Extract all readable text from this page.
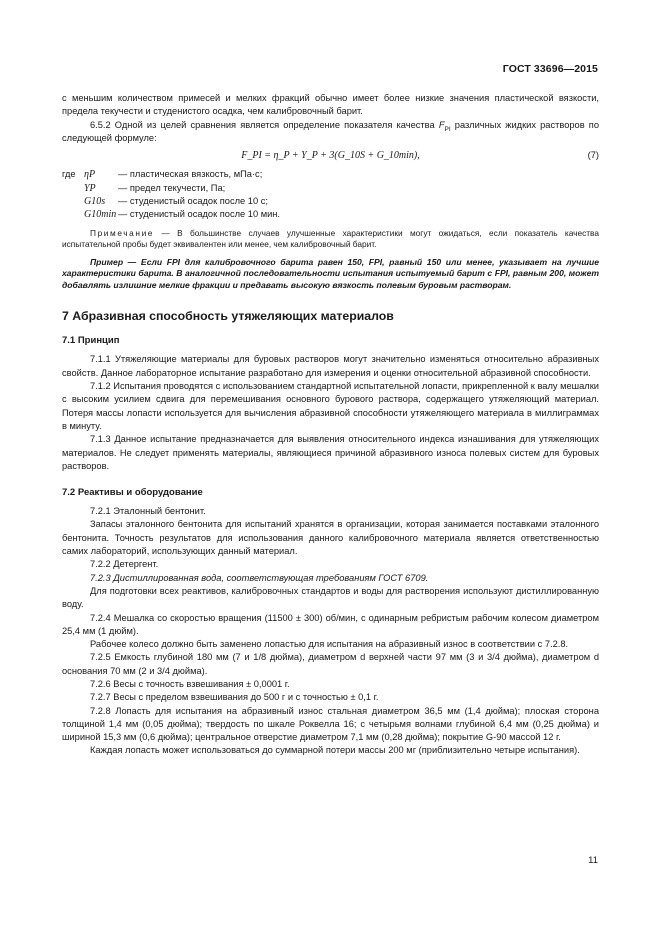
ГОСТ 33696—2015

с меньшим количеством примесей и мелких фракций обычно имеет более низкие значения пластической вязкости, предела текучести и студенистого осадка, чем калибровочный барит.

6.5.2 Одной из целей сравнения является определение показателя качества $F_{PI}$ различных жидких растворов по следующей формуле:

F_PI = η_P + Y_P + 3(G_10S + G_10min),	(7)
где ηP	— пластическая вязкость, мПа·с;
YP	— предел текучести, Па;
G10s	— студенистый осадок после 10 с;
G10min — студенистый осадок после 10 мин.

Примечание — В большинстве случаев улучшенные характеристики могут ожидаться, если показатель качества испытательной пробы будет эквивалентен или менее, чем калибровочный барит.

Пример — Если FPI для калибровочного барита равен 150, FPI, равный 150 или менее, указывает на лучшие характеристики барита. В аналогичной последовательности испытания испытуемый барит с FPI, равным 200, может добавлять излишние мелкие фракции и предавать высокую вязкость полевым буровым растворам.

7 Абразивная способность утяжеляющих материалов
7.1 Принцип

7.1.1 Утяжеляющие материалы для буровых растворов могут значительно изменяться относительно абразивных свойств. Данное лабораторное испытание разработано для измерения и оценки относительной абразивной способности.

7.1.2 Испытания проводятся с использованием стандартной испытательной лопасти, прикрепленной к валу мешалки с высоким усилием сдвига для перемешивания основного бурового раствора, содержащего утяжеляющий материал. Потеря массы лопасти используется для вычисления абразивной способности утяжеляющего материала в миллиграммах в минуту.

7.1.3 Данное испытание предназначается для выявления относительного индекса изнашивания для утяжеляющих материалов. Не следует применять материалы, являющиеся причиной абразивного износа полевых систем для буровых растворов.

7.2 Реактивы и оборудование

7.2.1 Эталонный бентонит.

Запасы эталонного бентонита для испытаний хранятся в организации, которая занимается поставками эталонного бентонита. Точность результатов для использования данного калибровочного материала является ответственностью самих лабораторий, использующих данный материал.

7.2.2 Детергент.

7.2.3 Дистиллированная вода, соответствующая требованиям ГОСТ 6709.

Для подготовки всех реактивов, калибровочных стандартов и воды для растворения используют дистиллированную воду.

7.2.4 Мешалка со скоростью вращения (11500 ± 300) об/мин, с одинарным ребристым рабочим колесом диаметром 25,4 мм (1 дюйм).

Рабочее колесо должно быть заменено лопастью для испытания на абразивный износ в соответствии с 7.2.8.

7.2.5 Емкость глубиной 180 мм (7 и 1/8 дюйма), диаметром d верхней части 97 мм (3 и 3/4 дюйма), диаметром d основания 70 мм (2 и 3/4 дюйма).

7.2.6 Весы с точность взвешивания ± 0,0001 г.

7.2.7 Весы с пределом взвешивания до 500 г и с точностью ± 0,1 г.

7.2.8 Лопасть для испытания на абразивный износ стальная диаметром 36,5 мм (1,4 дюйма); плоская сторона толщиной 1,4 мм (0,05 дюйма); твердость по шкале Роквелла 16; с четырьмя волнами глубиной 6,4 мм (0,25 дюйма) и шириной 15,3 мм (0,6 дюйма); центральное отверстие диаметром 7,1 мм (0,28 дюйма); покрытие G-90 массой 12 г.

Каждая лопасть может использоваться до суммарной потери массы 200 мг (приблизительно четыре испытания).

11
